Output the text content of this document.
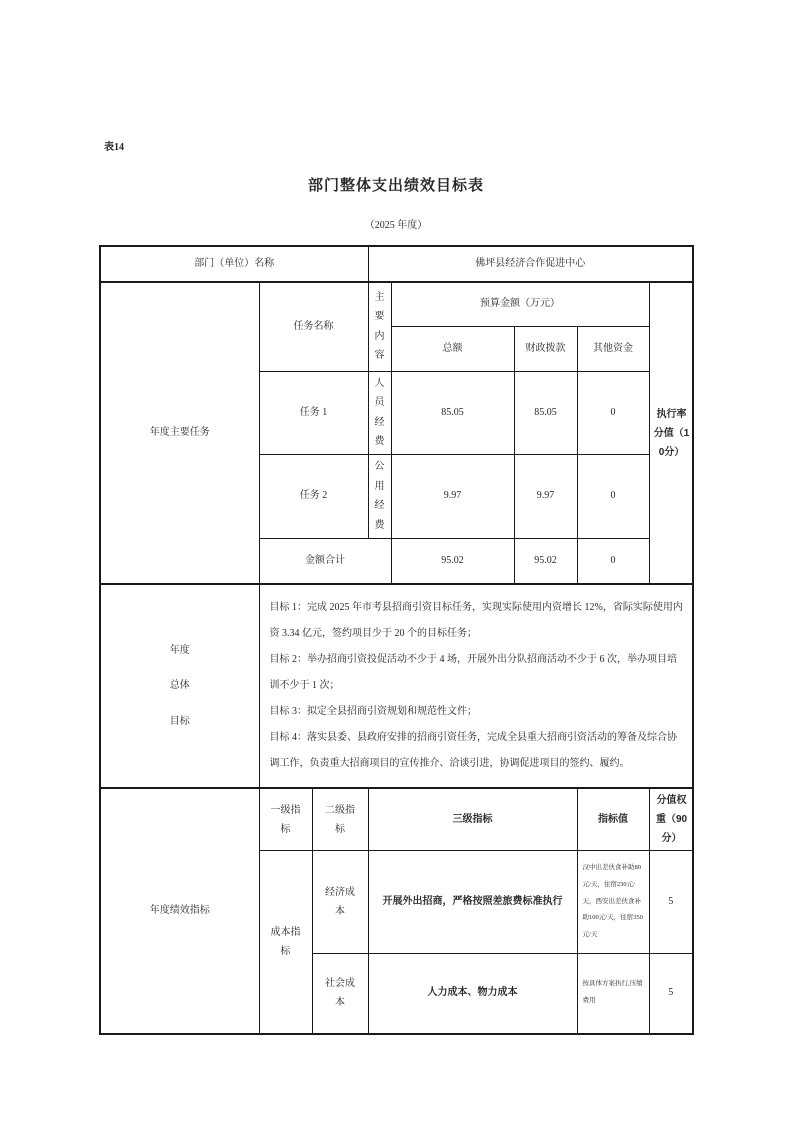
表14
部门整体支出绩效目标表
（2025 年度）
部门（单位）名称			佛坪县经济合作促进中心				
年度主要任务	任务名称		主要内容	预算金额（万元）			执行率分值（10分）

				总额	财政拨款	其他资金	
	任务 1		人员经费	85.05	85.05	0	
	任务 2		公用经费	9.97	9.97	0	
	金额合计			95.02	95.02	0	

年度总体目标	目标 1：完成 2025 年市考县招商引资目标任务，实现实际使用内资增长 12%，省际实际使用内资 3.34 亿元，签约项目少于 20 个的目标任务；

目标 2：举办招商引资投促活动不少于 4 场，开展外出分队招商活动不少于 6 次，举办项目培训不少于 1 次；

目标 3：拟定全县招商引资规划和规范性文件；

目标 4：落实县委、县政府安排的招商引资任务，完成全县重大招商引资活动的筹备及综合协调工作，负责重大招商项目的宣传推介、洽谈引进，协调促进项目的签约、履约。						

年度绩效指标	一级指标	二级指标	三级指标			指标值	分值权重（90分）

	成本指标	经济成本	开展外出招商，严格按照差旅费标准执行			汉中出差伙食补助80元/天，住宿230元/天，西安出差伙食补助100元/天，住宿350元/天	5

		社会成本	人力成本、物力成本			按具体方案执行,压缩费用	5
